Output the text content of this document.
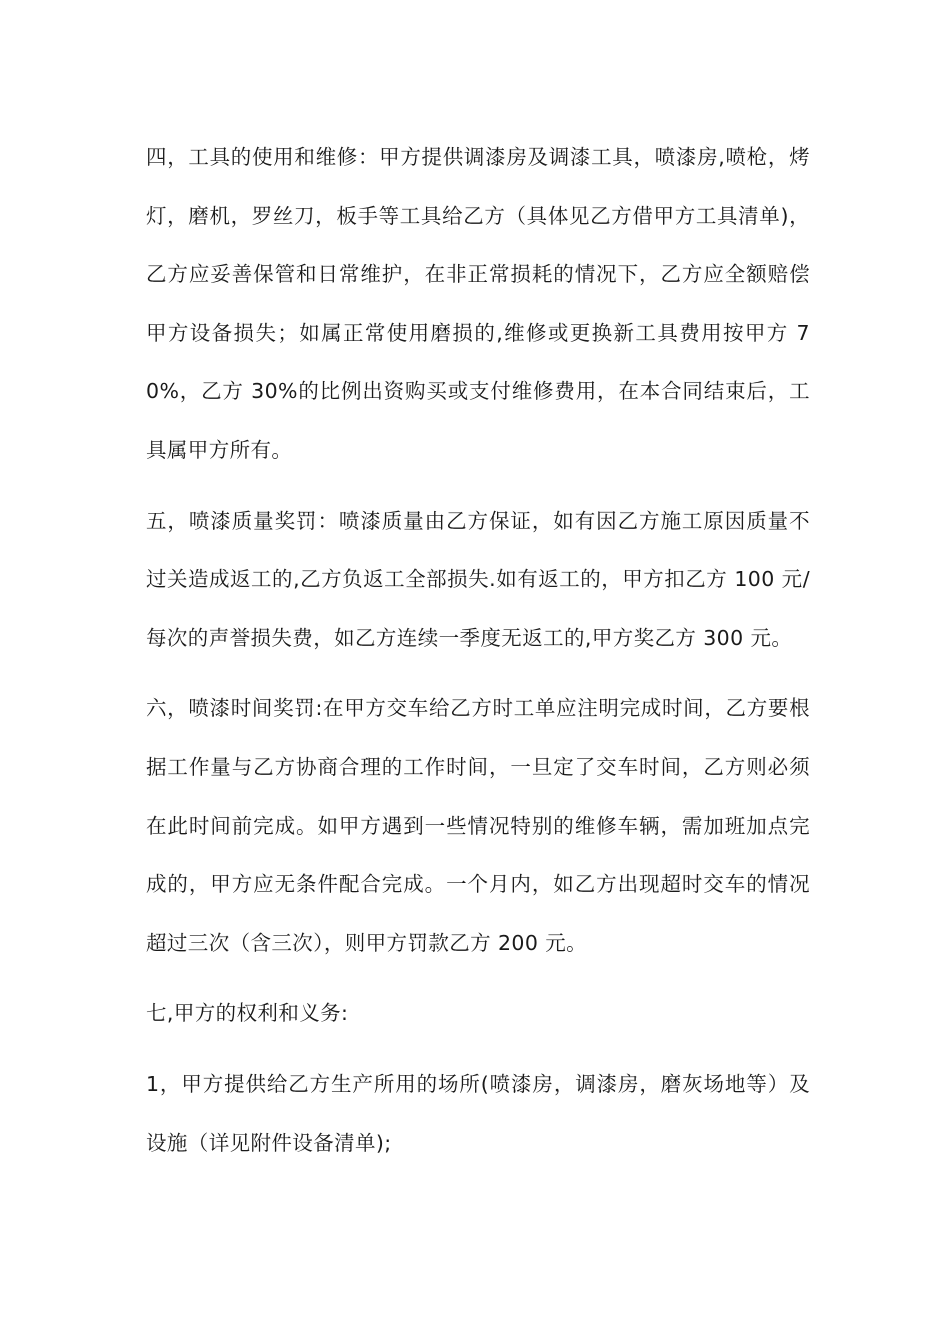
四，工具的使用和维修：甲方提供调漆房及调漆工具，喷漆房,喷枪，烤灯，磨机，罗丝刀，板手等工具给乙方（具体见乙方借甲方工具清单)，乙方应妥善保管和日常维护，在非正常损耗的情况下，乙方应全额赔偿甲方设备损失；如属正常使用磨损的,维修或更换新工具费用按甲方 70%，乙方 30%的比例出资购买或支付维修费用，在本合同结束后，工具属甲方所有。

五，喷漆质量奖罚：喷漆质量由乙方保证，如有因乙方施工原因质量不过关造成返工的,乙方负返工全部损失.如有返工的，甲方扣乙方 100 元/每次的声誉损失费，如乙方连续一季度无返工的,甲方奖乙方 300 元。

六，喷漆时间奖罚:在甲方交车给乙方时工单应注明完成时间，乙方要根据工作量与乙方协商合理的工作时间，一旦定了交车时间，乙方则必须在此时间前完成。如甲方遇到一些情况特别的维修车辆，需加班加点完成的，甲方应无条件配合完成。一个月内，如乙方出现超时交车的情况超过三次（含三次），则甲方罚款乙方 200 元。

七,甲方的权利和义务:

1，甲方提供给乙方生产所用的场所(喷漆房，调漆房，磨灰场地等）及设施（详见附件设备清单);
